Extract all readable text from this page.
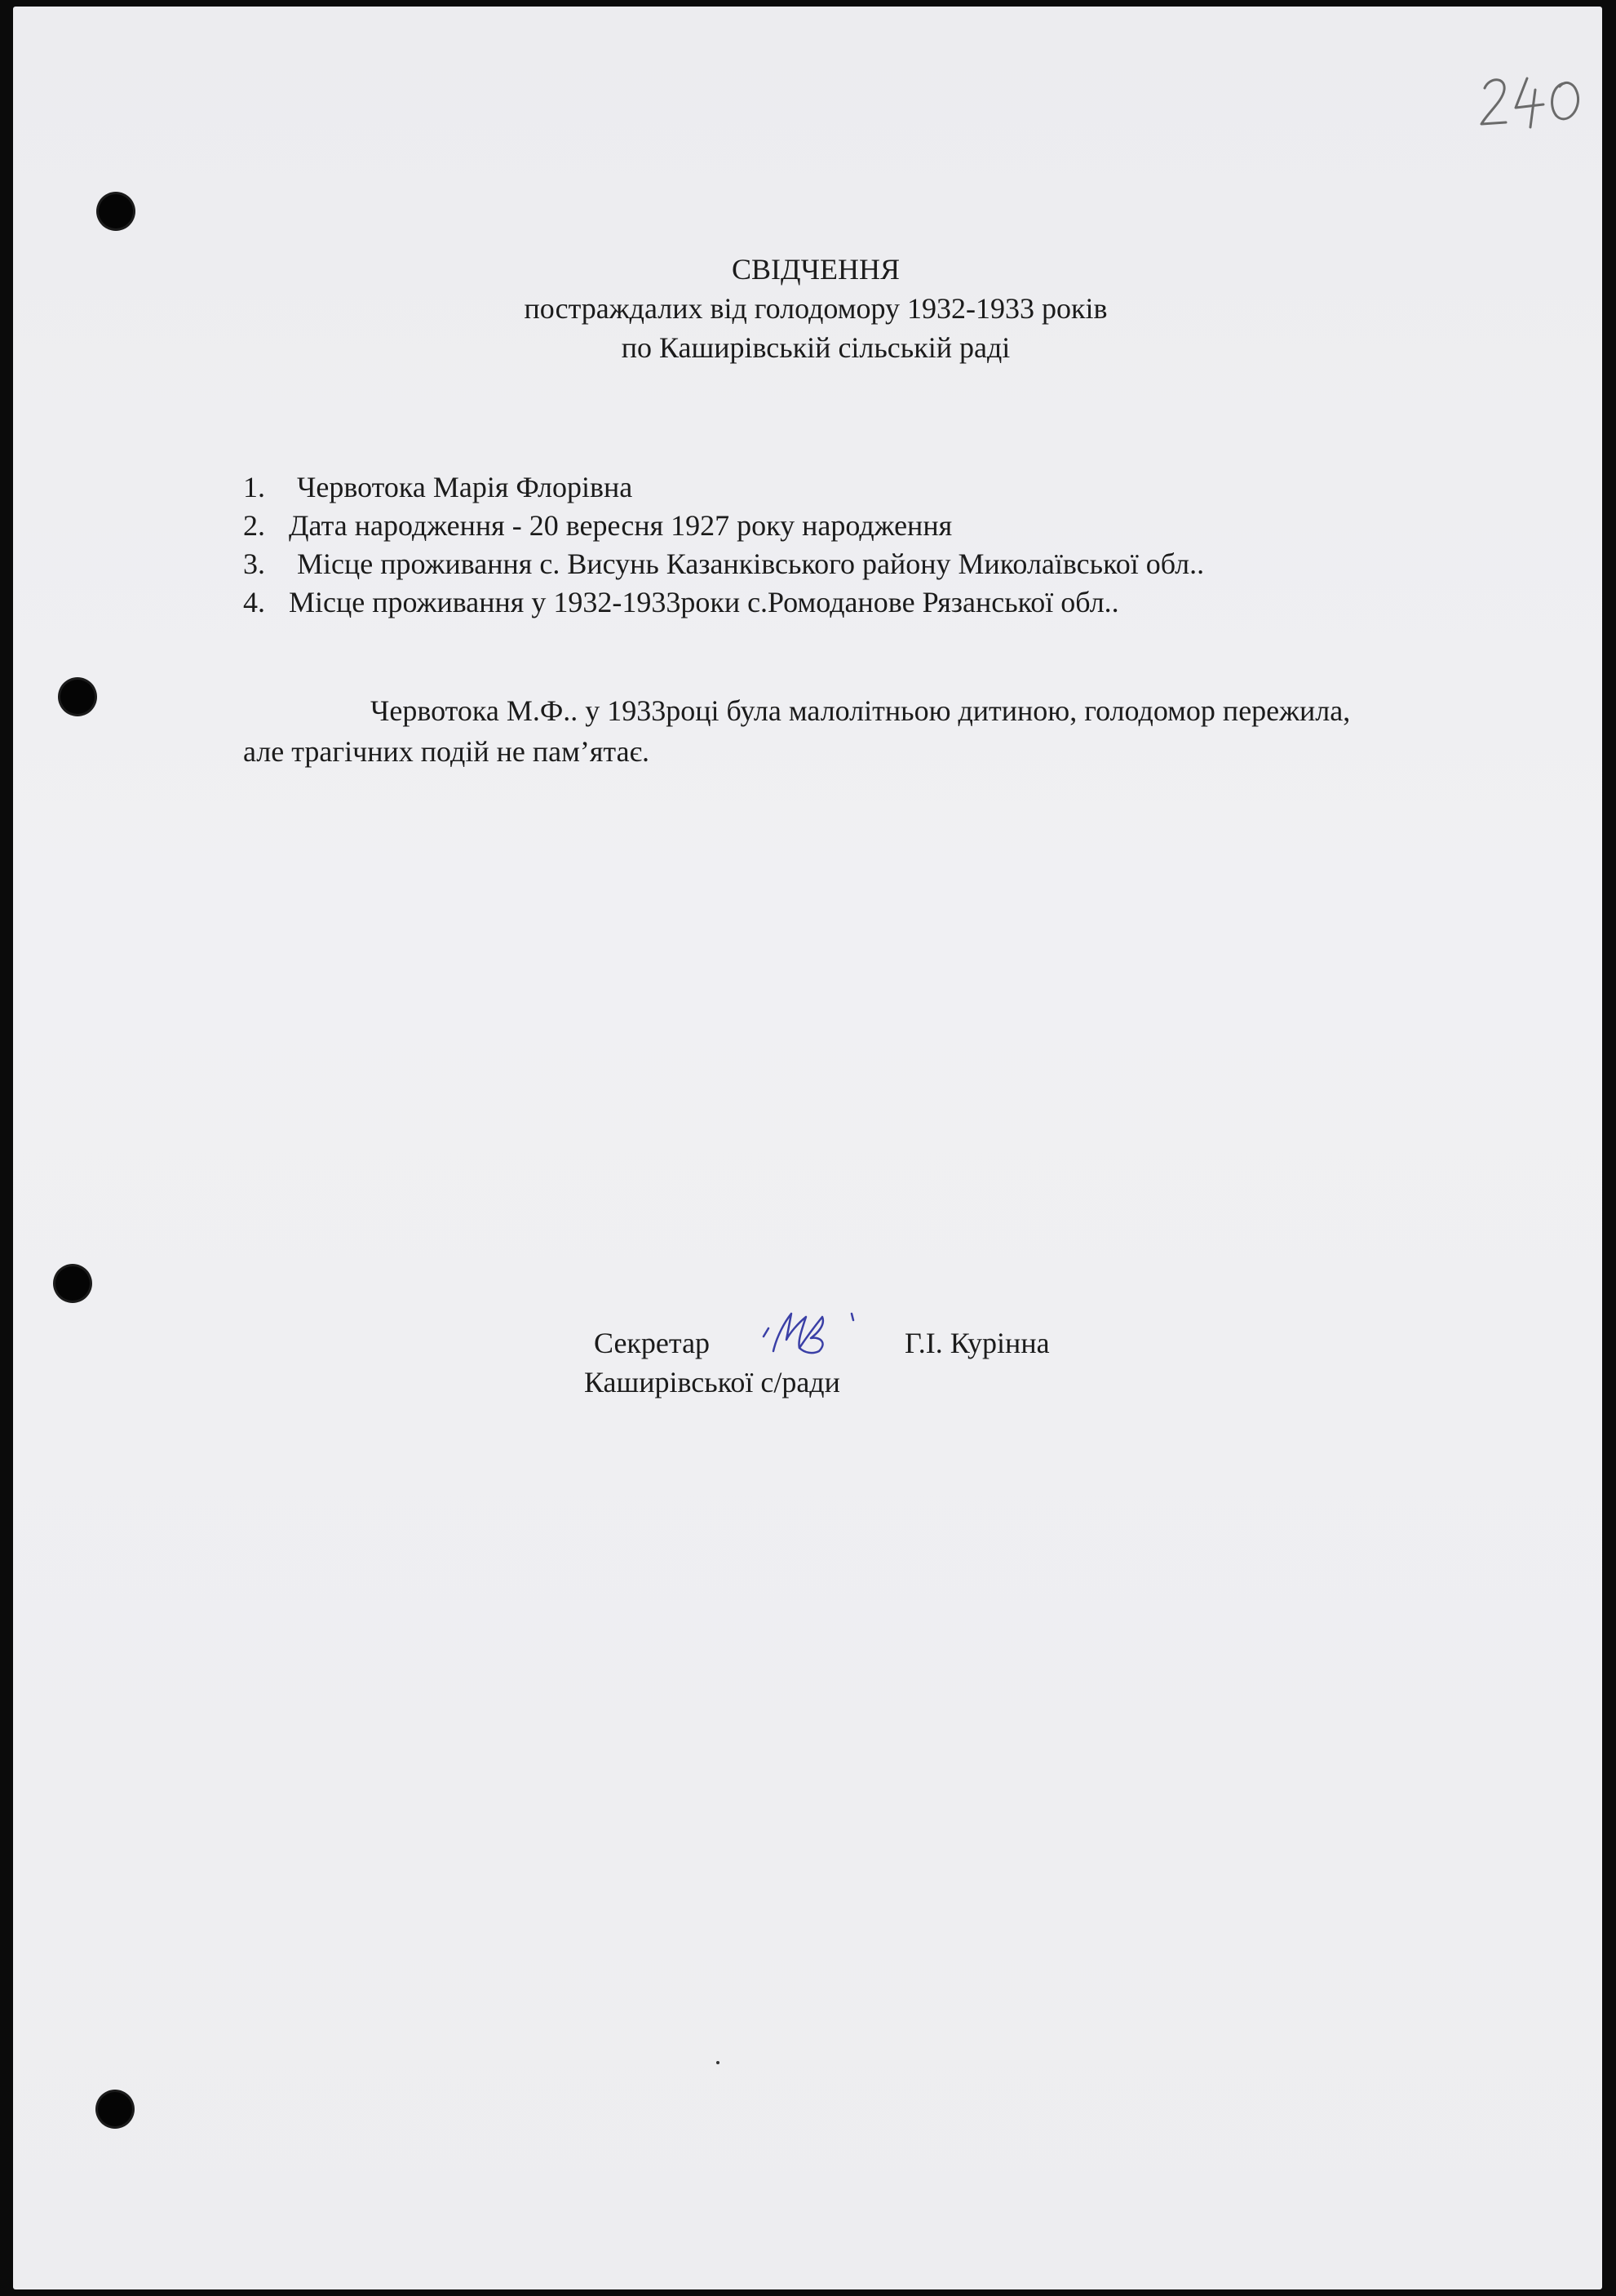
СВІДЧЕННЯ
постраждалих від голодомору 1932-1933 років
по Каширівській сільській раді
1.	Червотока Марія Флорівна
2. Дата народження - 20 вересня 1927 року народження
3.	Місце проживання с. Висунь Казанківського району Миколаївської обл..
4. Місце проживання у 1932-1933роки с.Ромоданове Рязанської обл..
Червотока М.Ф.. у 1933році була малолітньою дитиною, голодомор пережила,
але трагічних подій не пам’ятає.
Секретар
Каширівської с/ради
Г.І. Курінна
